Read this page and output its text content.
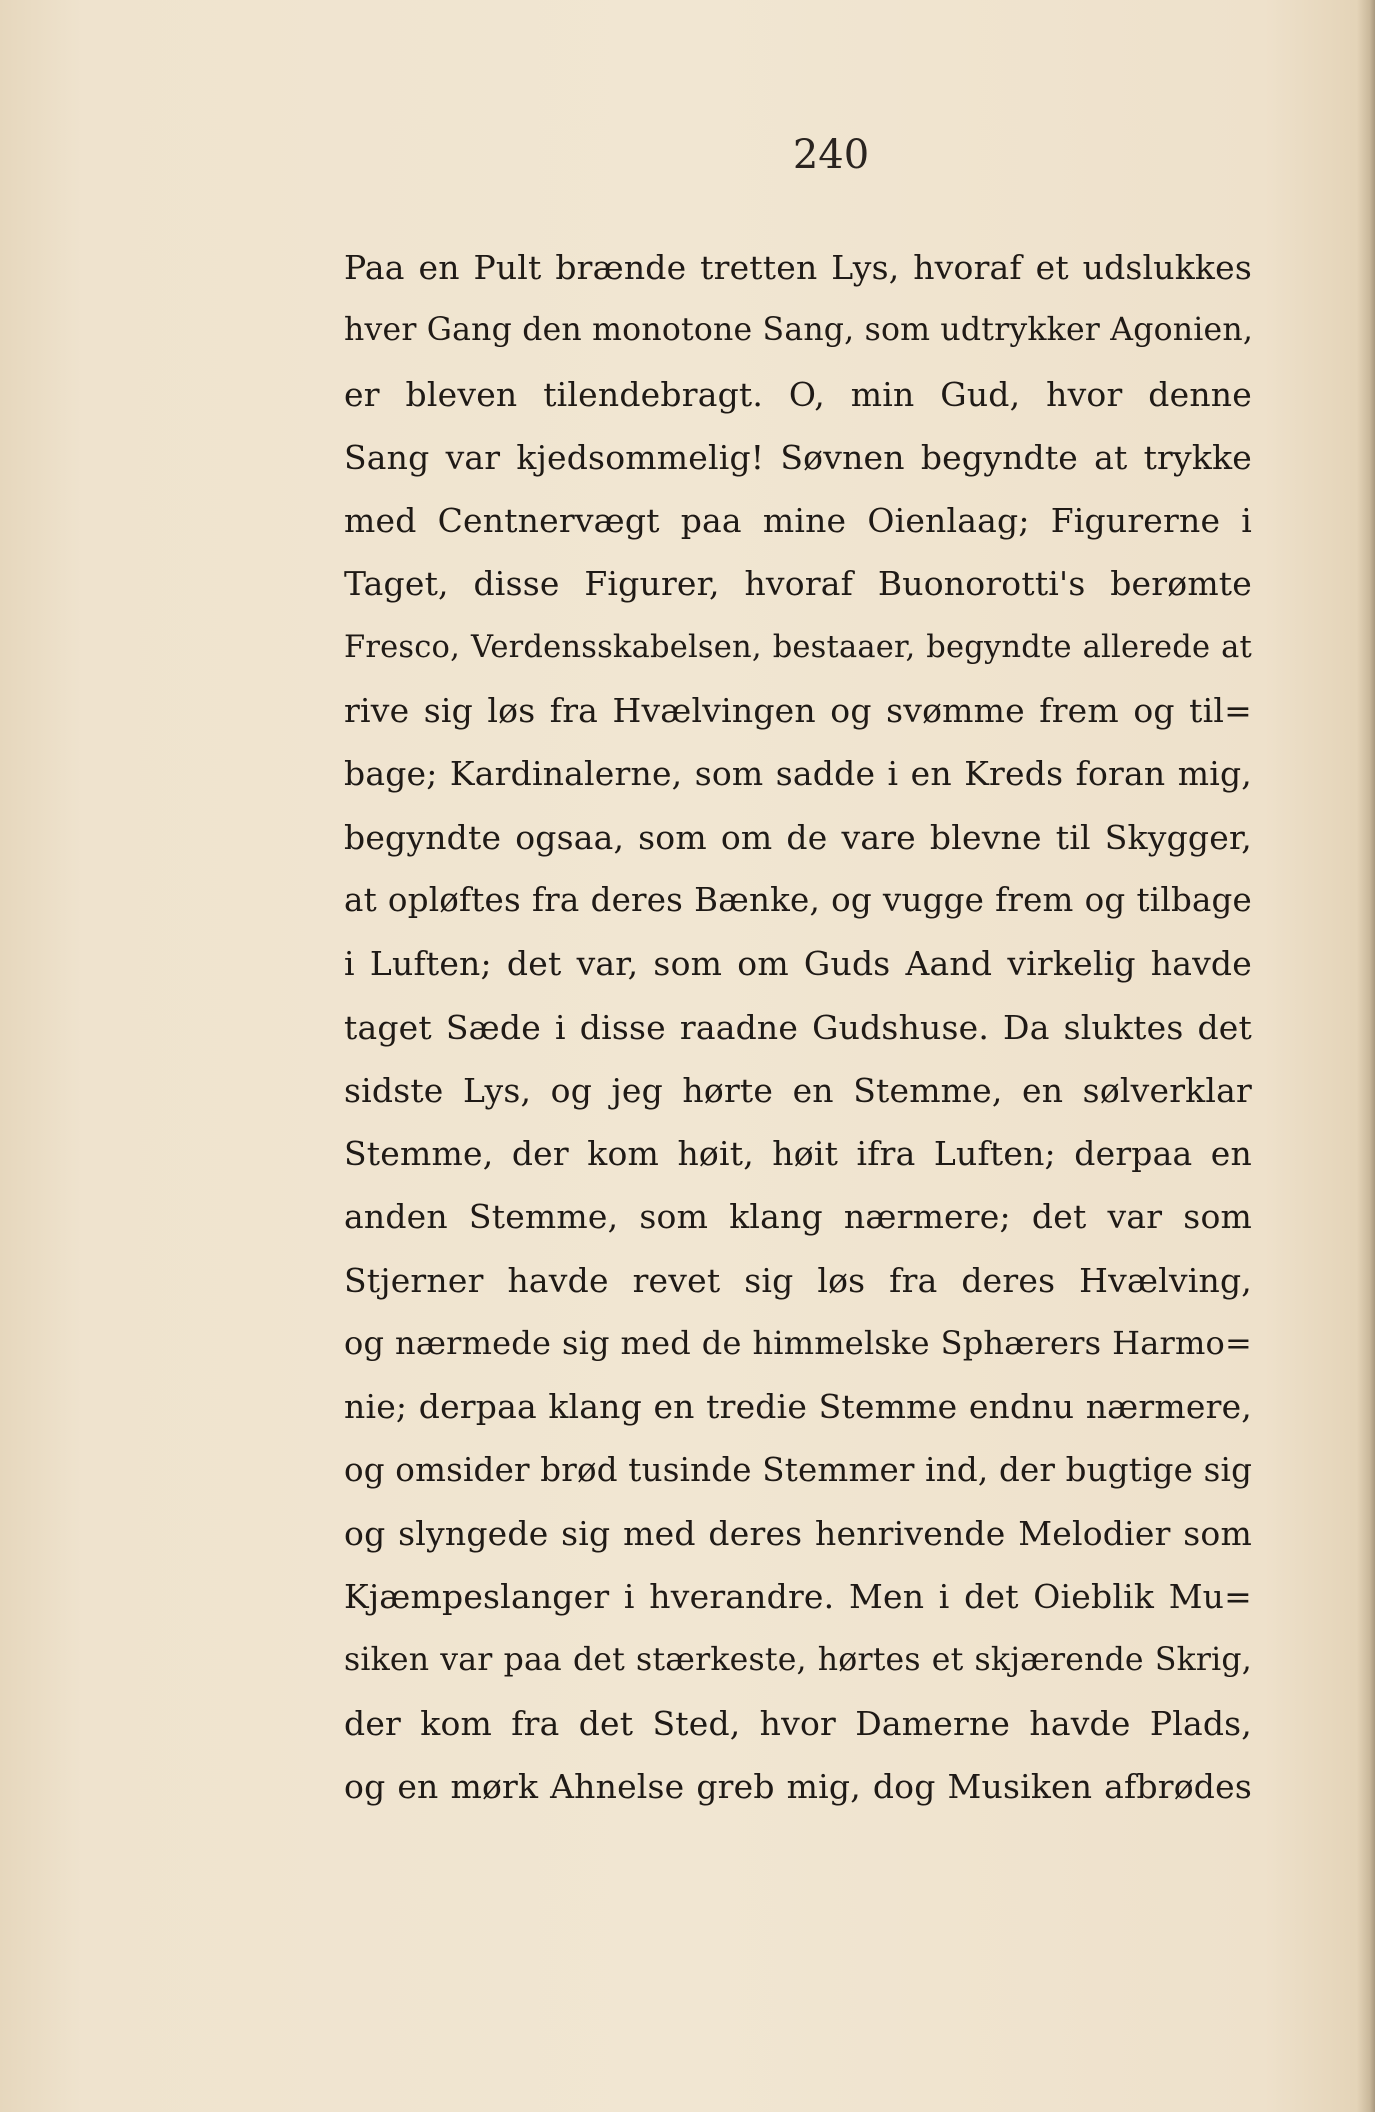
240
Paa en Pult brænde tretten Lys, hvoraf et udslukkes
hver Gang den monotone Sang, som udtrykker Agonien,
er bleven tilendebragt. O, min Gud, hvor denne
Sang var kjedsommelig! Søvnen begyndte at trykke
med Centnervægt paa mine Oienlaag; Figurerne i
Taget, disse Figurer, hvoraf Buonorotti's berømte
Fresco, Verdensskabelsen, bestaaer, begyndte allerede at
rive sig løs fra Hvælvingen og svømme frem og til=
bage; Kardinalerne, som sadde i en Kreds foran mig,
begyndte ogsaa, som om de vare blevne til Skygger,
at opløftes fra deres Bænke, og vugge frem og tilbage
i Luften; det var, som om Guds Aand virkelig havde
taget Sæde i disse raadne Gudshuse. Da sluktes det
sidste Lys, og jeg hørte en Stemme, en sølverklar
Stemme, der kom høit, høit ifra Luften; derpaa en
anden Stemme, som klang nærmere; det var som
Stjerner havde revet sig løs fra deres Hvælving,
og nærmede sig med de himmelske Sphærers Harmo=
nie; derpaa klang en tredie Stemme endnu nærmere,
og omsider brød tusinde Stemmer ind, der bugtige sig
og slyngede sig med deres henrivende Melodier som
Kjæmpeslanger i hverandre. Men i det Oieblik Mu=
siken var paa det stærkeste, hørtes et skjærende Skrig,
der kom fra det Sted, hvor Damerne havde Plads,
og en mørk Ahnelse greb mig, dog Musiken afbrødes
